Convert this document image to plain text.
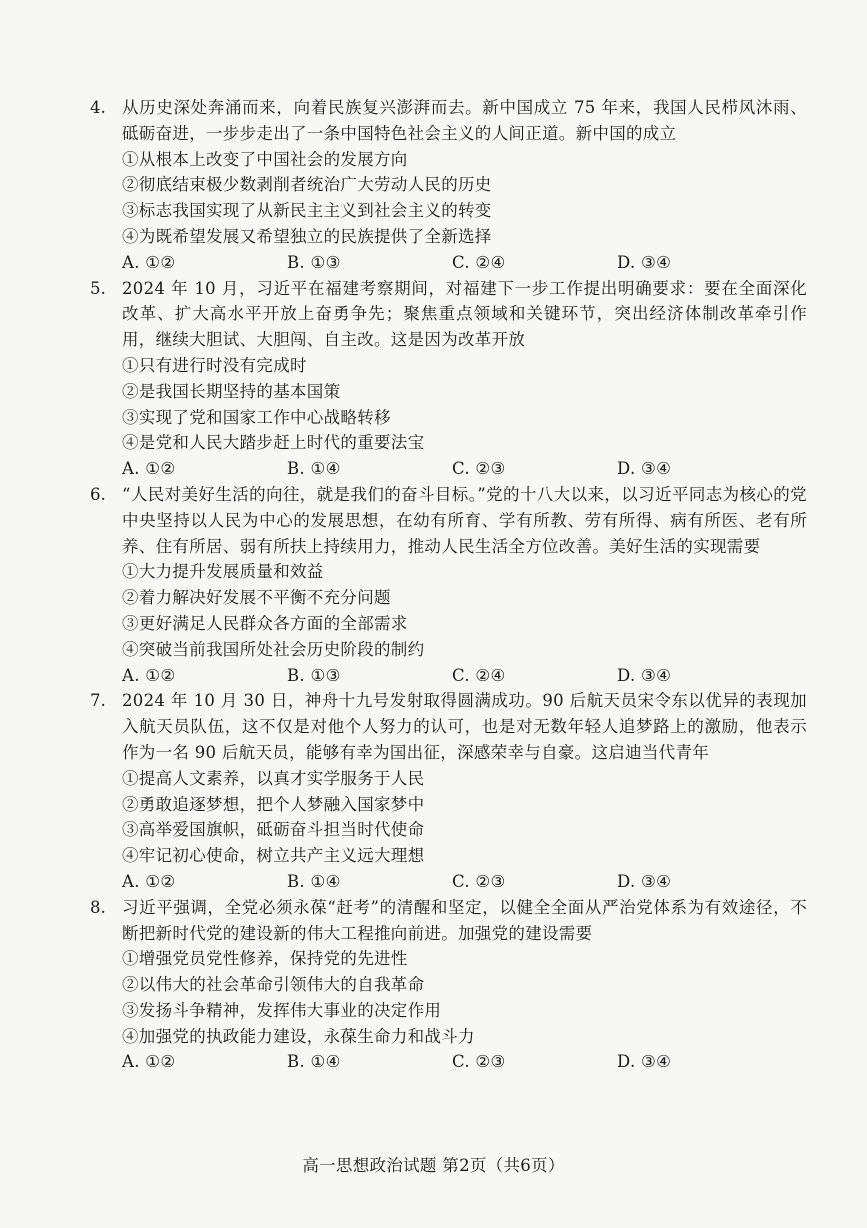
4. 从历史深处奔涌而来，向着民族复兴澎湃而去。新中国成立 75 年来，我国人民栉风沐雨、砥砺奋进，一步步走出了一条中国特色社会主义的人间正道。新中国的成立
①从根本上改变了中国社会的发展方向
②彻底结束极少数剥削者统治广大劳动人民的历史
③标志我国实现了从新民主主义到社会主义的转变
④为既希望发展又希望独立的民族提供了全新选择
A. ①②	B. ①③	C. ②④	D. ③④
5. 2024 年 10 月，习近平在福建考察期间，对福建下一步工作提出明确要求：要在全面深化改革、扩大高水平开放上奋勇争先；聚焦重点领域和关键环节，突出经济体制改革牵引作用，继续大胆试、大胆闯、自主改。这是因为改革开放
①只有进行时没有完成时
②是我国长期坚持的基本国策
③实现了党和国家工作中心战略转移
④是党和人民大踏步赶上时代的重要法宝
A. ①②	B. ①④	C. ②③	D. ③④
6. “人民对美好生活的向往，就是我们的奋斗目标。”党的十八大以来，以习近平同志为核心的党中央坚持以人民为中心的发展思想，在幼有所育、学有所教、劳有所得、病有所医、老有所养、住有所居、弱有所扶上持续用力，推动人民生活全方位改善。美好生活的实现需要
①大力提升发展质量和效益
②着力解决好发展不平衡不充分问题
③更好满足人民群众各方面的全部需求
④突破当前我国所处社会历史阶段的制约
A. ①②	B. ①③	C. ②④	D. ③④
7. 2024 年 10 月 30 日，神舟十九号发射取得圆满成功。90 后航天员宋令东以优异的表现加入航天员队伍，这不仅是对他个人努力的认可，也是对无数年轻人追梦路上的激励，他表示作为一名 90 后航天员，能够有幸为国出征，深感荣幸与自豪。这启迪当代青年
①提高人文素养，以真才实学服务于人民
②勇敢追逐梦想，把个人梦融入国家梦中
③高举爱国旗帜，砥砺奋斗担当时代使命
④牢记初心使命，树立共产主义远大理想
A. ①②	B. ①④	C. ②③	D. ③④
8. 习近平强调，全党必须永葆“赶考”的清醒和坚定，以健全全面从严治党体系为有效途径，不断把新时代党的建设新的伟大工程推向前进。加强党的建设需要
①增强党员党性修养，保持党的先进性
②以伟大的社会革命引领伟大的自我革命
③发扬斗争精神，发挥伟大事业的决定作用
④加强党的执政能力建设，永葆生命力和战斗力
A. ①②	B. ①④	C. ②③	D. ③④
高一思想政治试题 第2页（共6页）
